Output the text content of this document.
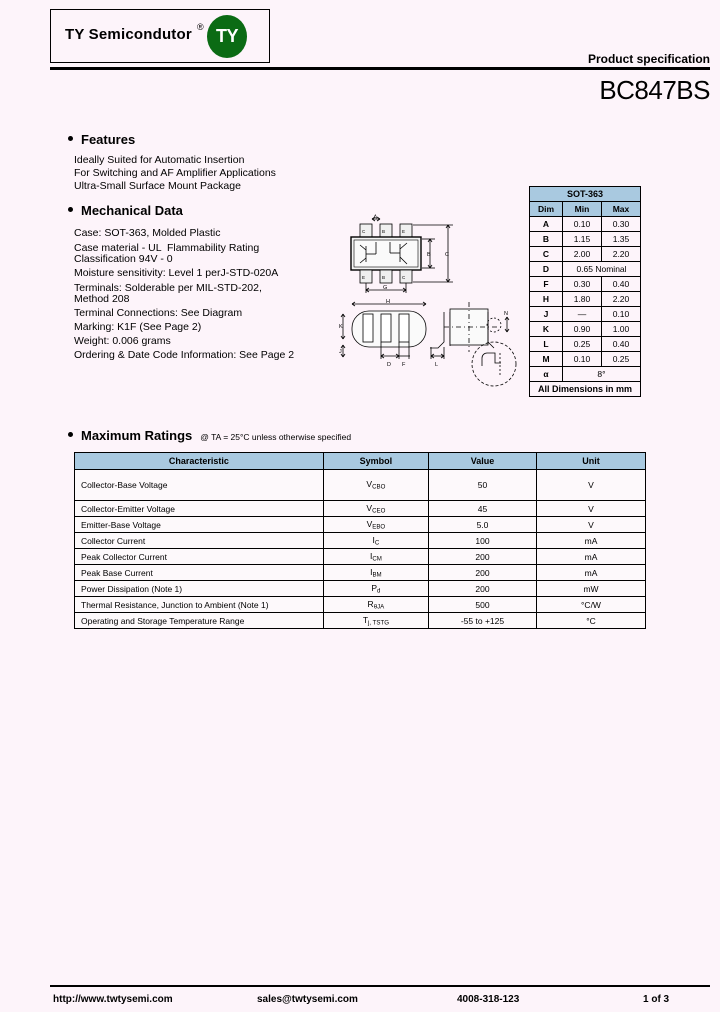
TY Semicondutor ® TY
Product specification
BC847BS
Features
Ideally Suited for Automatic Insertion
For Switching and AF Amplifier Applications
Ultra-Small Surface Mount Package
Mechanical Data
Case: SOT-363, Molded Plastic
Case material - UL  Flammability Rating
Classification 94V - 0
Moisture sensitivity: Level 1 perJ-STD-020A
Terminals: Solderable per MIL-STD-202,
Method 208
Terminal Connections: See Diagram
Marking: K1F (See Page 2)
Weight: 0.006 grams
Ordering & Date Code Information: See Page 2
A
B	C
G
H
K
J
D F	L
N
C	B	E
E	B	C
SOT-363		
Dim	Min	Max
A	0.10	0.30
B	1.15	1.35
C	2.00	2.20
D	0.65 Nominal	
F	0.30	0.40
H	1.80	2.20
J	—	0.10
K	0.90	1.00
L	0.25	0.40
M	0.10	0.25
α	8°	
All Dimensions in mm		
Maximum Ratings @ TA = 25°C unless otherwise specified
Characteristic	Symbol	Value	Unit
Collector-Base Voltage	$V_{CBO}$	50	V
Collector-Emitter Voltage	$V_{CEO}$	45	V
Emitter-Base Voltage	$V_{EBO}$	5.0	V
Collector Current	$I_C$	100	mA
Peak Collector Current	$I_{CM}$	200	mA
Peak Base Current	$I_{BM}$	200	mA
Power Dissipation (Note 1)	$P_d$	200	mW
Thermal Resistance, Junction to Ambient (Note 1)	$R_{\theta JA}$	500	°C/W
Operating and Storage Temperature Range	$T_{j, TSTG}$	-55 to +125	°C
http://www.twtysemi.com	sales@twtysemi.com	4008-318-123	1 of 3
